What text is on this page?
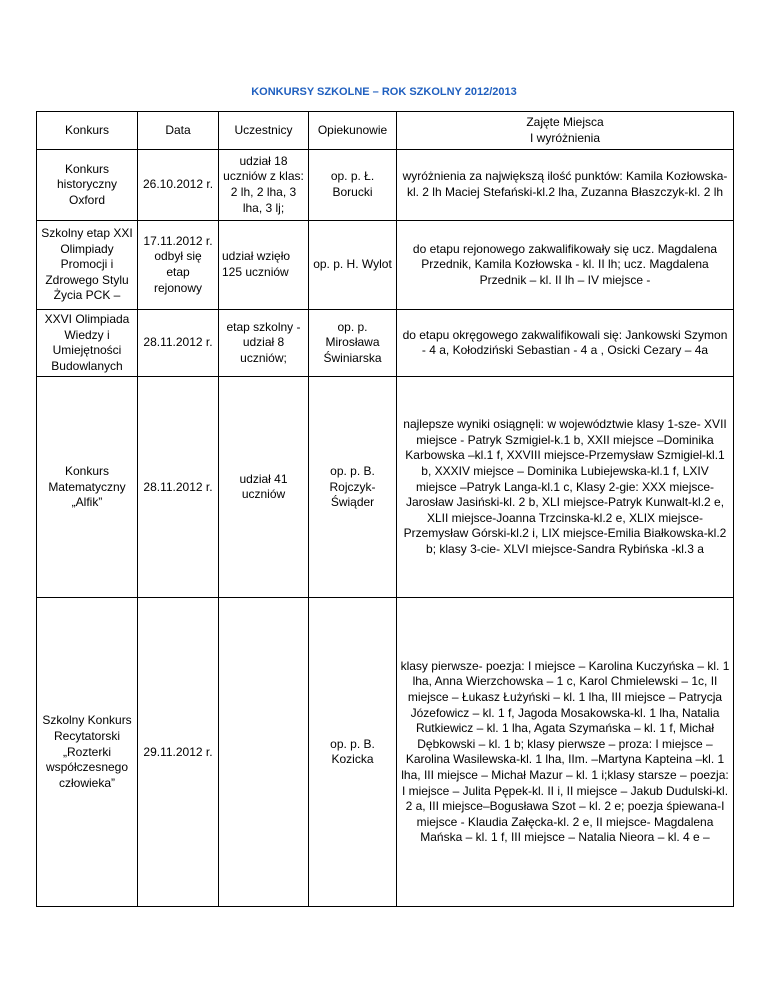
KONKURSY SZKOLNE – ROK SZKOLNY 2012/2013
Konkurs	Data	Uczestnicy	Opiekunowie	Zajęte Miejsca
I wyróżnienia

Konkurs historyczny Oxford	26.10.2012 r.	udział 18 uczniów z klas: 2 lh, 2 lha, 3 lha, 3 lj;	op. p. Ł. Borucki	wyróżnienia za największą ilość punktów: Kamila Kozłowska-kl. 2 lh Maciej Stefański-kl.2 lha, Zuzanna Błaszczyk-kl. 2 lh
Szkolny etap XXI Olimpiady Promocji i Zdrowego Stylu Życia PCK –	17.11.2012 r. odbył się etap rejonowy	udział wzięło 125 uczniów	op. p. H. Wylot	do etapu rejonowego zakwalifikowały się ucz. Magdalena Przednik, Kamila Kozłowska - kl. II lh; ucz. Magdalena Przednik – kl. II lh – IV miejsce -
XXVI Olimpiada Wiedzy i Umiejętności Budowlanych	28.11.2012 r.	etap szkolny - udział 8 uczniów;	op. p. Mirosława Świniarska	do etapu okręgowego zakwalifikowali się: Jankowski Szymon - 4 a, Kołodziński Sebastian - 4 a , Osicki Cezary – 4a
Konkurs Matematyczny „Alfik”	28.11.2012 r.	udział 41 uczniów	op. p. B. Rojczyk-Świąder	najlepsze wyniki osiągnęli: w województwie klasy 1-sze- XVII miejsce - Patryk Szmigiel-k.1 b, XXII miejsce –Dominika Karbowska –kl.1 f, XXVIII miejsce-Przemysław Szmigiel-kl.1 b, XXXIV miejsce – Dominika Lubiejewska-kl.1 f, LXIV miejsce –Patryk Langa-kl.1 c, Klasy 2-gie: XXX miejsce-Jarosław Jasiński-kl. 2 b, XLI miejsce-Patryk Kunwalt-kl.2 e, XLII miejsce-Joanna Trzcinska-kl.2 e, XLIX miejsce-Przemysław Górski-kl.2 i, LIX miejsce-Emilia Białkowska-kl.2 b; klasy 3-cie- XLVI miejsce-Sandra Rybińska -kl.3 a
Szkolny Konkurs Recytatorski „Rozterki współczesnego człowieka”	29.11.2012 r.		op. p. B. Kozicka	klasy pierwsze- poezja: I miejsce – Karolina Kuczyńska – kl. 1 lha, Anna Wierzchowska – 1 c, Karol Chmielewski – 1c, II miejsce – Łukasz Łużyński – kl. 1 lha, III miejsce – Patrycja Józefowicz – kl. 1 f, Jagoda Mosakowska-kl. 1 lha, Natalia Rutkiewicz – kl. 1 lha, Agata Szymańska – kl. 1 f, Michał Dębkowski – kl. 1 b; klasy pierwsze – proza: I miejsce – Karolina Wasilewska-kl. 1 lha, IIm. –Martyna Kapteina –kl. 1 lha, III miejsce – Michał Mazur – kl. 1 i;klasy starsze – poezja: I miejsce – Julita Pępek-kl. II i, II miejsce – Jakub Dudulski-kl. 2 a, III miejsce–Bogusława Szot – kl. 2 e; poezja śpiewana-I miejsce - Klaudia Załęcka-kl. 2 e, II miejsce- Magdalena Mańska – kl. 1 f, III miejsce – Natalia Nieora – kl. 4 e –
